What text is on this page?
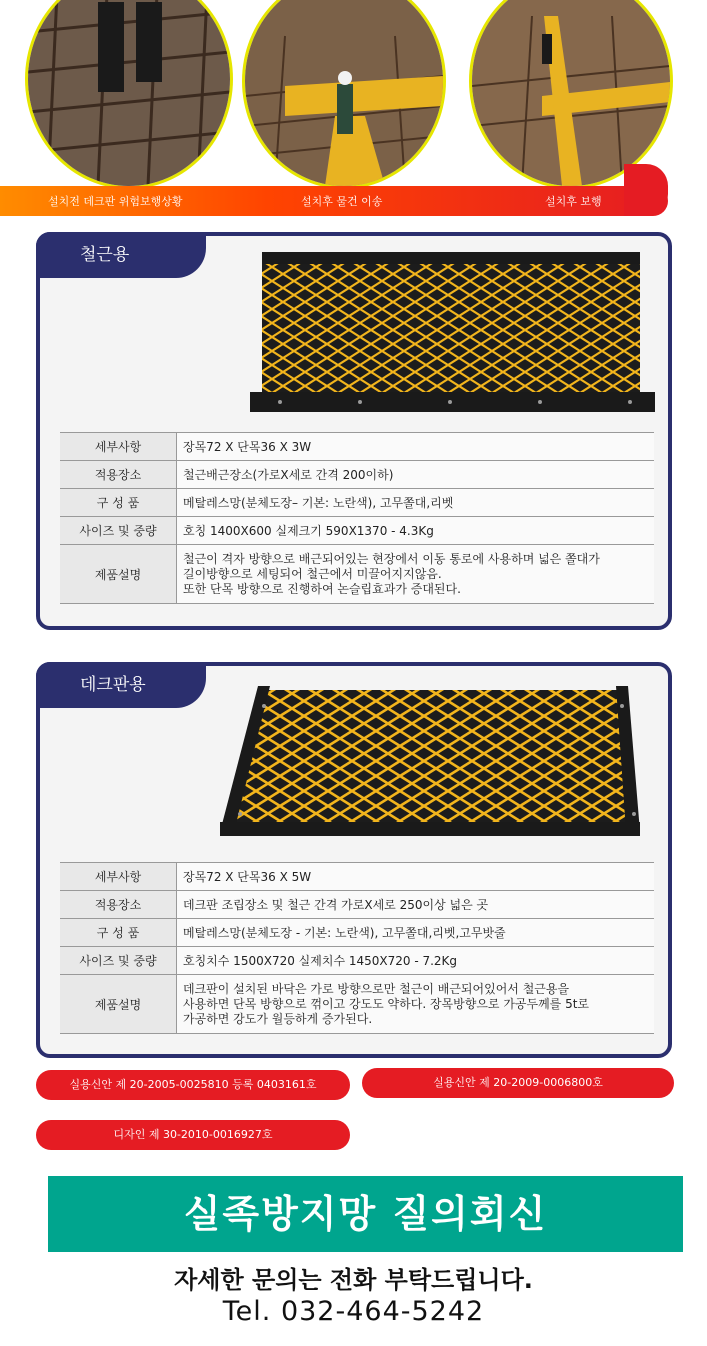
설치전 데크판 위험보행상황	설치후 물건 이송	설치후 보행
철근용
세부사항	장목72 X 단목36 X 3W
적용장소	철근배근장소(가로X세로 간격 200이하)
구 성 품	메탈레스망(분체도장– 기본: 노란색), 고무쫄대,리벳
사이즈 및 중량	호칭 1400X600 실제크기 590X1370 - 4.3Kg
제품설명	철근이 격자 방향으로 배근되어있는 현장에서 이동 통로에 사용하며 넓은 쫄대가
길이방향으로 세팅되어 철근에서 미끌어지지않음.
또한 단목 방향으로 진행하여 논슬립효과가 증대된다.
데크판용
세부사항	장목72 X 단목36 X 5W
적용장소	데크판 조립장소 및 철근 간격 가로X세로 250이상 넓은 곳
구 성 품	메탈레스망(분체도장 - 기본: 노란색), 고무쫄대,리벳,고무밧줄
사이즈 및 중량	호칭치수 1500X720 실제치수 1450X720 - 7.2Kg
제품설명	데크판이 설치된 바닥은 가로 방향으로만 철근이 배근되어있어서 철근용을
사용하면 단목 방향으로 꺾이고 강도도 약하다. 장목방향으로 가공두께를 5t로
가공하면 강도가 월등하게 증가된다.
실용신안 제 20-2005-0025810 등록 0403161호	실용신안 제 20-2009-0006800호
디자인 제 30-2010-0016927호
실족방지망 질의회신
자세한 문의는 전화 부탁드립니다.
Tel. 032-464-5242
